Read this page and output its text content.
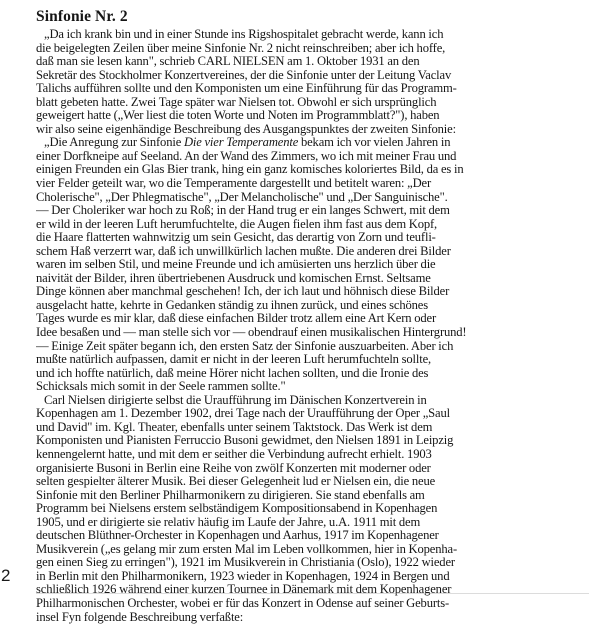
Sinfonie Nr. 2

„Da ich krank bin und in einer Stunde ins Rigshospitalet gebracht werde, kann ich
die beigelegten Zeilen über meine Sinfonie Nr. 2 nicht reinschreiben; aber ich hoffe,
daß man sie lesen kann", schrieb CARL NIELSEN am 1. Oktober 1931 an den
Sekretär des Stockholmer Konzertvereines, der die Sinfonie unter der Leitung Vaclav
Talichs aufführen sollte und den Komponisten um eine Einführung für das Programm-
blatt gebeten hatte. Zwei Tage später war Nielsen tot. Obwohl er sich ursprünglich
geweigert hatte („Wer liest die toten Worte und Noten im Programmblatt?"), haben
wir also seine eigenhändige Beschreibung des Ausgangspunktes der zweiten Sinfonie:

„Die Anregung zur Sinfonie Die vier Temperamente bekam ich vor vielen Jahren in
einer Dorfkneipe auf Seeland. An der Wand des Zimmers, wo ich mit meiner Frau und
einigen Freunden ein Glas Bier trank, hing ein ganz komisches koloriertes Bild, da es in
vier Felder geteilt war, wo die Temperamente dargestellt und betitelt waren: „Der
Cholerische", „Der Phlegmatische", „Der Melancholische" und „Der Sanguinische".
— Der Choleriker war hoch zu Roß; in der Hand trug er ein langes Schwert, mit dem
er wild in der leeren Luft herumfuchtelte, die Augen fielen ihm fast aus dem Kopf,
die Haare flatterten wahnwitzig um sein Gesicht, das derartig von Zorn und teufli-
schem Haß verzerrt war, daß ich unwillkürlich lachen mußte. Die anderen drei Bilder
waren im selben Stil, und meine Freunde und ich amüsierten uns herzlich über die
naivität der Bilder, ihren übertriebenen Ausdruck und komischen Ernst. Seltsame
Dinge können aber manchmal geschehen! Ich, der ich laut und höhnisch diese Bilder
ausgelacht hatte, kehrte in Gedanken ständig zu ihnen zurück, und eines schönes
Tages wurde es mir klar, daß diese einfachen Bilder trotz allem eine Art Kern oder
Idee besaßen und — man stelle sich vor — obendrauf einen musikalischen Hintergrund!
— Einige Zeit später begann ich, den ersten Satz der Sinfonie auszuarbeiten. Aber ich
mußte natürlich aufpassen, damit er nicht in der leeren Luft herumfuchteln sollte,
und ich hoffte natürlich, daß meine Hörer nicht lachen sollten, und die Ironie des
Schicksals mich somit in der Seele rammen sollte."

Carl Nielsen dirigierte selbst die Uraufführung im Dänischen Konzertverein in
Kopenhagen am 1. Dezember 1902, drei Tage nach der Uraufführung der Oper „Saul
und David" im. Kgl. Theater, ebenfalls unter seinem Taktstock. Das Werk ist dem
Komponisten und Pianisten Ferruccio Busoni gewidmet, den Nielsen 1891 in Leipzig
kennengelernt hatte, und mit dem er seither die Verbindung aufrecht erhielt. 1903
organisierte Busoni in Berlin eine Reihe von zwölf Konzerten mit moderner oder
selten gespielter älterer Musik. Bei dieser Gelegenheit lud er Nielsen ein, die neue
Sinfonie mit den Berliner Philharmonikern zu dirigieren. Sie stand ebenfalls am
Programm bei Nielsens erstem selbständigem Kompositionsabend in Kopenhagen
1905, und er dirigierte sie relativ häufig im Laufe der Jahre, u.A. 1911 mit dem
deutschen Blüthner-Orchester in Kopenhagen und Aarhus, 1917 im Kopenhagener
Musikverein („es gelang mir zum ersten Mal im Leben vollkommen, hier in Kopenha-
gen einen Sieg zu erringen"), 1921 im Musikverein in Christiania (Oslo), 1922 wieder
in Berlin mit den Philharmonikern, 1923 wieder in Kopenhagen, 1924 in Bergen und
schließlich 1926 während einer kurzen Tournee in Dänemark mit dem Kopenhagener
Philharmonischen Orchester, wobei er für das Konzert in Odense auf seiner Geburts-
insel Fyn folgende Beschreibung verfaßte:

2
